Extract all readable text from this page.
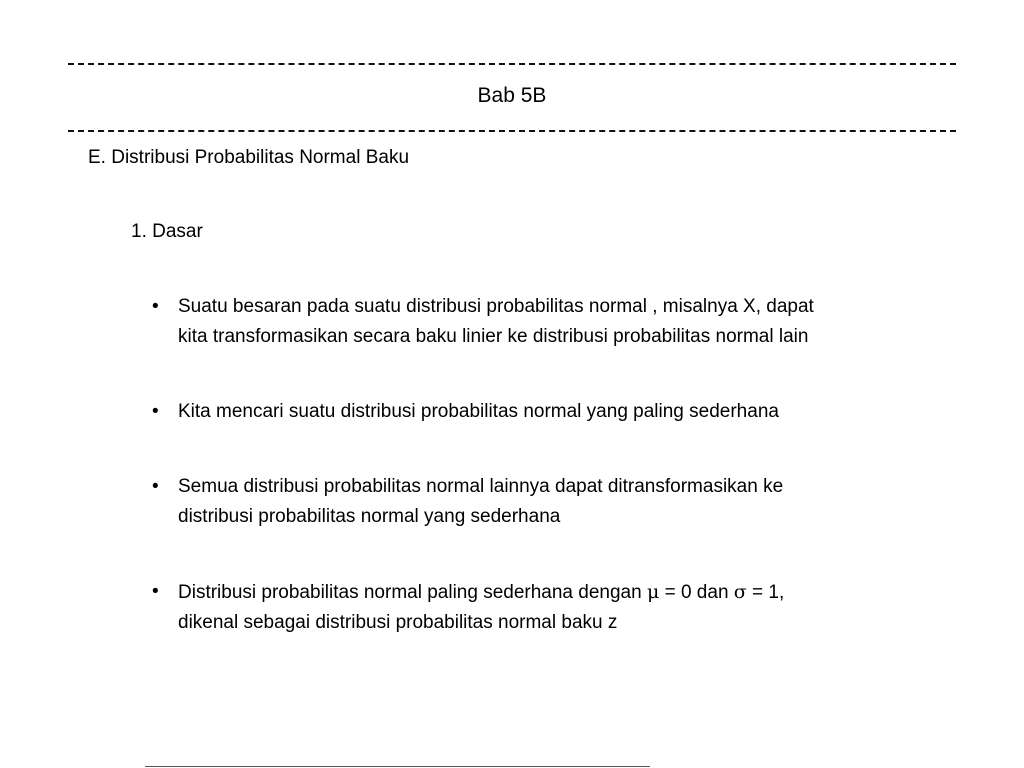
Bab 5B
E. Distribusi Probabilitas Normal Baku
1. Dasar
• Suatu besaran pada suatu distribusi probabilitas normal , misalnya X, dapat
kita transformasikan secara baku linier ke distribusi probabilitas normal lain
• Kita mencari suatu distribusi probabilitas normal yang paling sederhana
• Semua distribusi probabilitas normal lainnya dapat ditransformasikan ke
distribusi probabilitas normal yang sederhana
• Distribusi probabilitas normal paling sederhana dengan μ = 0 dan σ = 1,
dikenal sebagai distribusi probabilitas normal baku z
